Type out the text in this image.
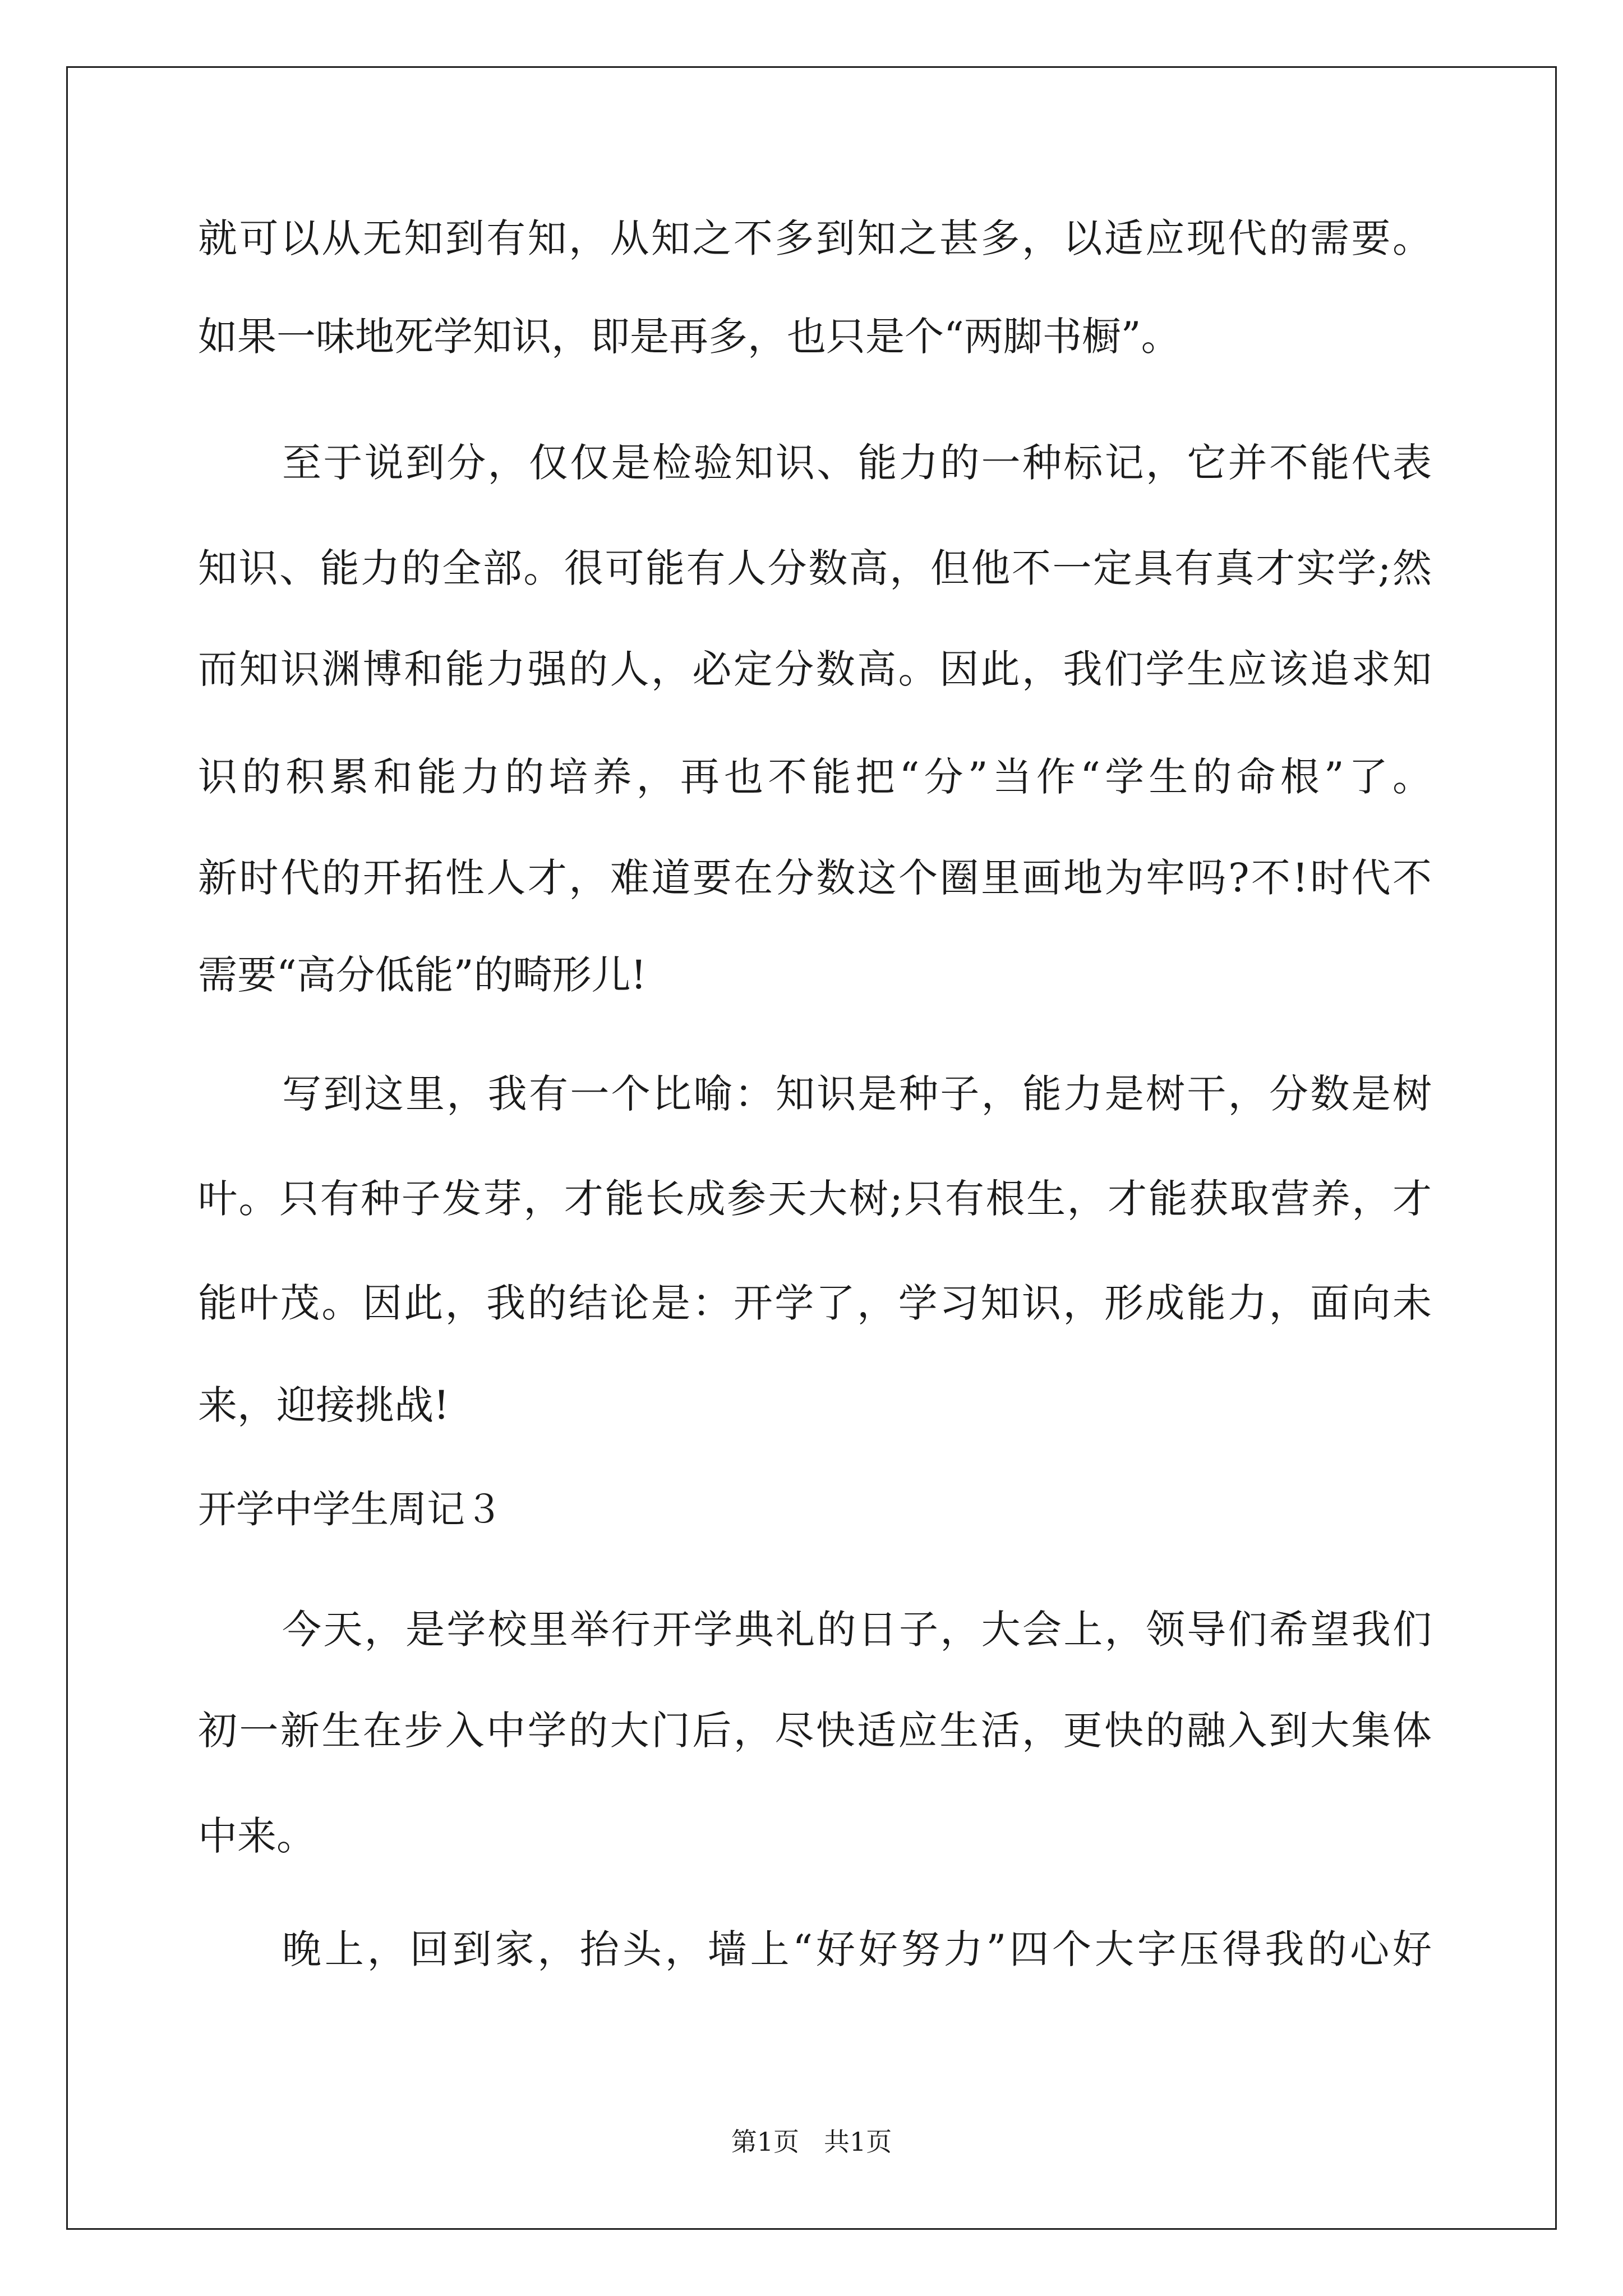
就可以从无知到有知，从知之不多到知之甚多，以适应现代的需要。
如果一味地死学知识，即是再多，也只是个“两脚书橱”。
至于说到分，仅仅是检验知识、能力的一种标记，它并不能代表
知识、能力的全部。很可能有人分数高，但他不一定具有真才实学;然
而知识渊博和能力强的人，必定分数高。因此，我们学生应该追求知
识的积累和能力的培养，再也不能把“分”当作“学生的命根”了。
新时代的开拓性人才，难道要在分数这个圈里画地为牢吗?不!时代不
需要“高分低能”的畸形儿!
写到这里，我有一个比喻：知识是种子，能力是树干，分数是树
叶。只有种子发芽，才能长成参天大树;只有根生，才能获取营养，才
能叶茂。因此，我的结论是：开学了，学习知识，形成能力，面向未
来，迎接挑战!
开学中学生周记３
今天，是学校里举行开学典礼的日子，大会上，领导们希望我们
初一新生在步入中学的大门后，尽快适应生活，更快的融入到大集体
中来。
晚上，回到家，抬头，墙上“好好努力”四个大字压得我的心好
第1页 共1页
